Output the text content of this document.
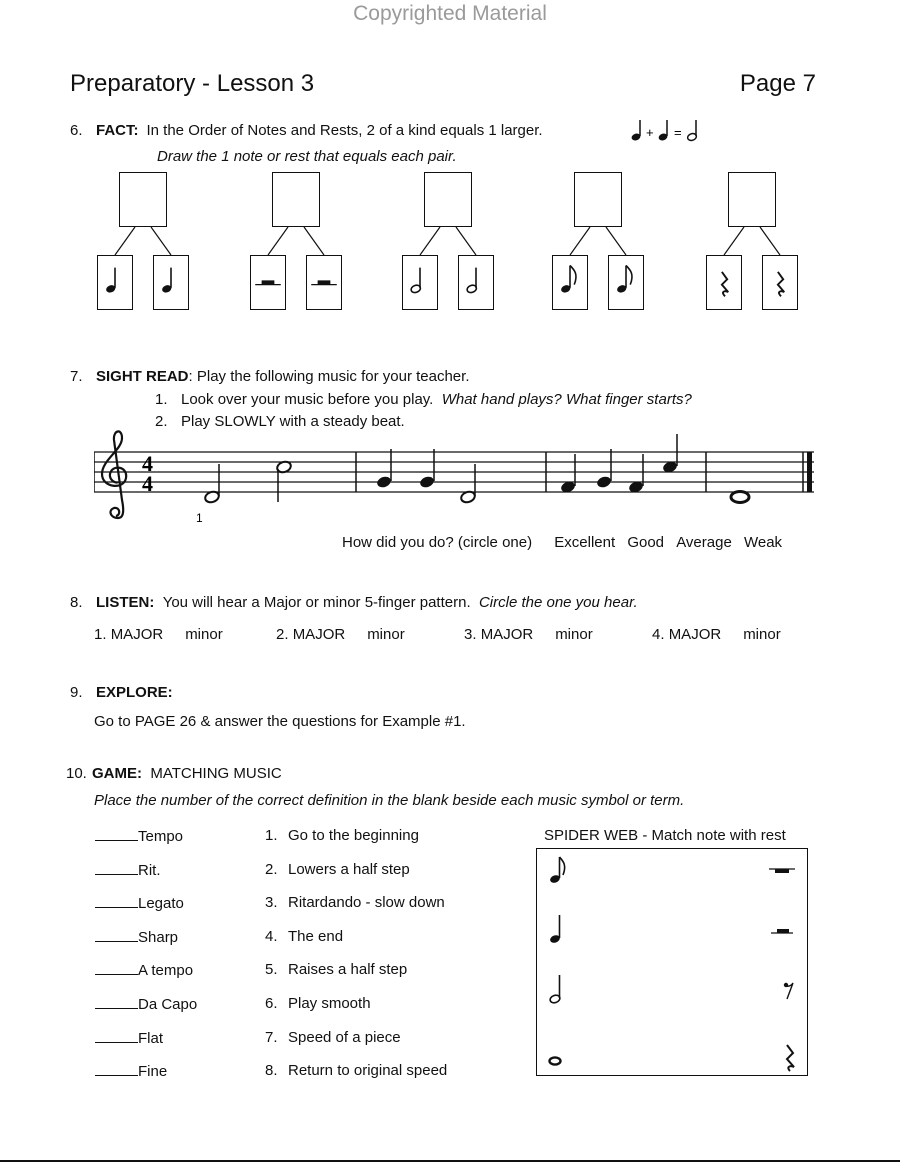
Copyrighted Material
Preparatory - Lesson 3	Page 7
6. FACT: In the Order of Notes and Rests, 2 of a kind equals 1 larger.	+ =
Draw the 1 note or rest that equals each pair.
7. SIGHT READ: Play the following music for your teacher.
1. Look over your music before you play. What hand plays? What finger starts?
2. Play SLOWLY with a steady beat.
4
4
1
How did you do? (circle one) Excellent Good Average Weak
8. LISTEN: You will hear a Major or minor 5-finger pattern. Circle the one you hear.
1. MAJOR minor	2. MAJOR minor	3. MAJOR minor	4. MAJOR minor
9. EXPLORE:
Go to PAGE 26 & answer the questions for Example #1.
10. GAME: MATCHING MUSIC
Place the number of the correct definition in the blank beside each music symbol or term.
Tempo
Rit.
Legato
Sharp
A tempo
Da Capo
Flat
Fine
1. Go to the beginning
2. Lowers a half step
3. Ritardando - slow down
4. The end
5. Raises a half step
6. Play smooth
7. Speed of a piece
8. Return to original speed
SPIDER WEB - Match note with rest
